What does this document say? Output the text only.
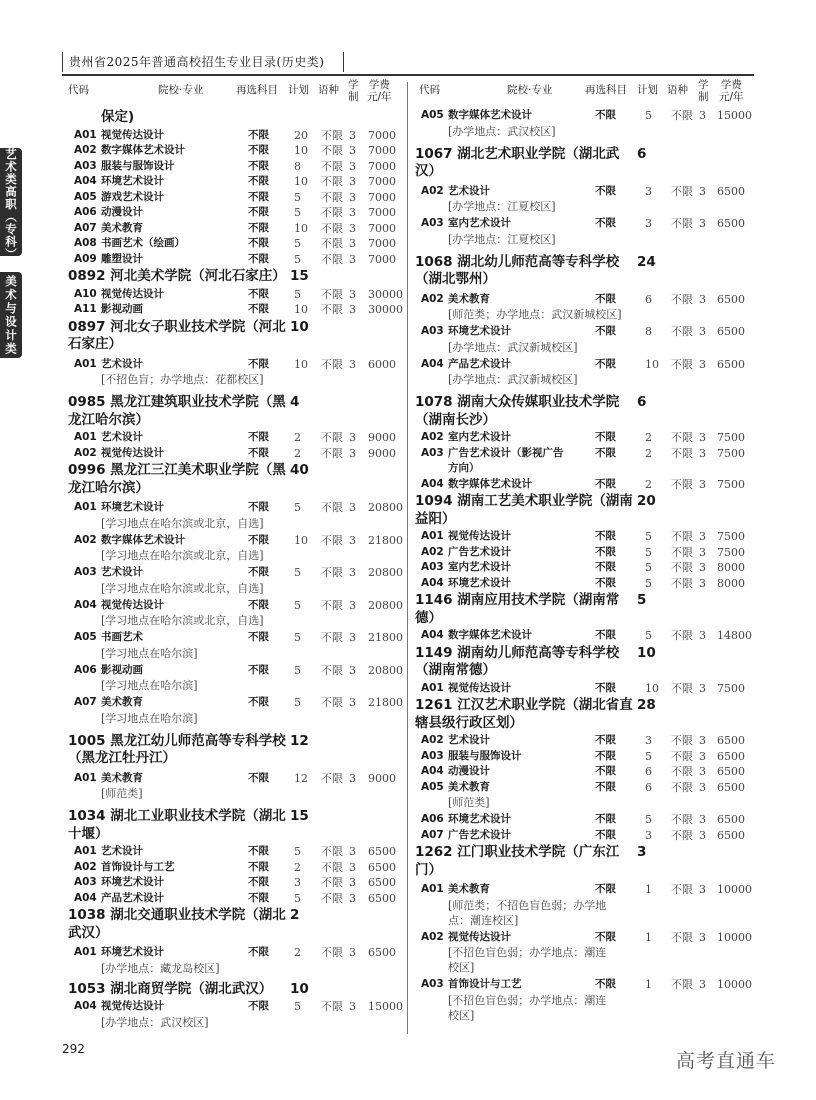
贵州省2025年普通高校招生专业目录(历史类)
艺术类高职（专科）
美术与设计类
代码	院校·专业	再选科目 计划 语种 学
制
学费
元/年
保定)
A01 视觉传达设计	不限 20 不限 3 7000
A02 数字媒体艺术设计	不限 10 不限 3 7000
A03 服装与服饰设计	不限 8 不限 3 7000
A04 环境艺术设计	不限 10 不限 3 7000
A05 游戏艺术设计	不限 5 不限 3 7000
A06 动漫设计	不限 5 不限 3 7000
A07 美术教育	不限 10 不限 3 7000
A08 书画艺术（绘画）	不限 5 不限 3 7000
A09 雕塑设计	不限 5 不限 3 7000
0892 河北美术学院（河北石家庄） 15
A10 视觉传达设计	不限 5 不限 3 30000
A11 影视动画	不限 10 不限 3 30000
0897 河北女子职业技术学院（河北石家庄）
10
A01 艺术设计	不限 10 不限 3 6000
[不招色盲；办学地点：花都校区]
0985 黑龙江建筑职业技术学院（黑龙江哈尔滨）
4
A01 艺术设计	不限 2 不限 3 9000
A02 视觉传达设计	不限 2 不限 3 9000
0996 黑龙江三江美术职业学院（黑龙江哈尔滨）
40
A01 环境艺术设计	不限 5 不限 3 20800
[学习地点在哈尔滨或北京，自选]
A02 数字媒体艺术设计	不限 10 不限 3 21800
[学习地点在哈尔滨或北京，自选]
A03 艺术设计	不限 5 不限 3 20800
[学习地点在哈尔滨或北京，自选]
A04 视觉传达设计	不限 5 不限 3 20800
[学习地点在哈尔滨或北京，自选]
A05 书画艺术	不限 5 不限 3 21800
[学习地点在哈尔滨]
A06 影视动画	不限 5 不限 3 20800
[学习地点在哈尔滨]
A07 美术教育	不限 5 不限 3 21800
[学习地点在哈尔滨]
1005 黑龙江幼儿师范高等专科学校（黑龙江牡丹江）
12
A01 美术教育	不限 12 不限 3 9000
[师范类]
1034 湖北工业职业技术学院（湖北十堰）
15
A01 艺术设计	不限 5 不限 3 6500
A02 首饰设计与工艺	不限 2 不限 3 6500
A03 环境艺术设计	不限 3 不限 3 6500
A04 产品艺术设计	不限 5 不限 3 6500
1038 湖北交通职业技术学院（湖北武汉）
2
A01 环境艺术设计	不限 2 不限 3 6500
[办学地点：藏龙岛校区]
1053 湖北商贸学院（湖北武汉）	10
A04 视觉传达设计	不限 5 不限 3 15000
[办学地点：武汉校区]
代码	院校·专业	再选科目 计划 语种 学
制
学费
元/年
A05 数字媒体艺术设计	不限	5 不限 3 15000
[办学地点：武汉校区]
1067 湖北艺术职业学院（湖北武汉）
6
A02 艺术设计	不限	3 不限 3 6500
[办学地点：江夏校区]
A03 室内艺术设计	不限	3 不限 3 6500
[办学地点：江夏校区]
1068 湖北幼儿师范高等专科学校（湖北鄂州）
24
A02 美术教育	不限	6 不限 3 6500
[师范类；办学地点：武汉新城校区]
A03 环境艺术设计	不限	8 不限 3 6500
[办学地点：武汉新城校区]
A04 产品艺术设计	不限	10 不限 3 6500
[办学地点：武汉新城校区]
1078 湖南大众传媒职业技术学院（湖南长沙）
6
A02 室内艺术设计	不限	2 不限 3 7500
A03 广告艺术设计（影视广告	不限	2 不限 3 7500
方向）
A04 数字媒体艺术设计	不限	2 不限 3 7500
1094 湖南工艺美术职业学院（湖南益阳）
20
A01 视觉传达设计	不限	5 不限 3 7500
A02 广告艺术设计	不限	5 不限 3 7500
A03 室内艺术设计	不限	5 不限 3 8000
A04 环境艺术设计	不限	5 不限 3 8000
1146 湖南应用技术学院（湖南常德）
5
A04 数字媒体艺术设计	不限	5 不限 3 14800
1149 湖南幼儿师范高等专科学校（湖南常德）
10
A01 视觉传达设计	不限	10 不限 3 7500
1261 江汉艺术职业学院（湖北省直辖县级行政区划）
28
A02 艺术设计	不限	3 不限 3 6500
A03 服装与服饰设计	不限	5 不限 3 6500
A04 动漫设计	不限	6 不限 3 6500
A05 美术教育	不限	6 不限 3 6500
[师范类]
A06 环境艺术设计	不限	5 不限 3 6500
A07 广告艺术设计	不限	3 不限 3 6500
1262 江门职业技术学院（广东江门）
3
A01 美术教育	不限	1 不限 3 10000
[师范类；不招色盲色弱；办学地点：潮连校区]
A02 视觉传达设计	不限	1 不限 3 10000
[不招色盲色弱；办学地点：潮连校区]
A03 首饰设计与工艺	不限	1 不限 3 10000
[不招色盲色弱；办学地点：潮连校区]
292
高考直通车
